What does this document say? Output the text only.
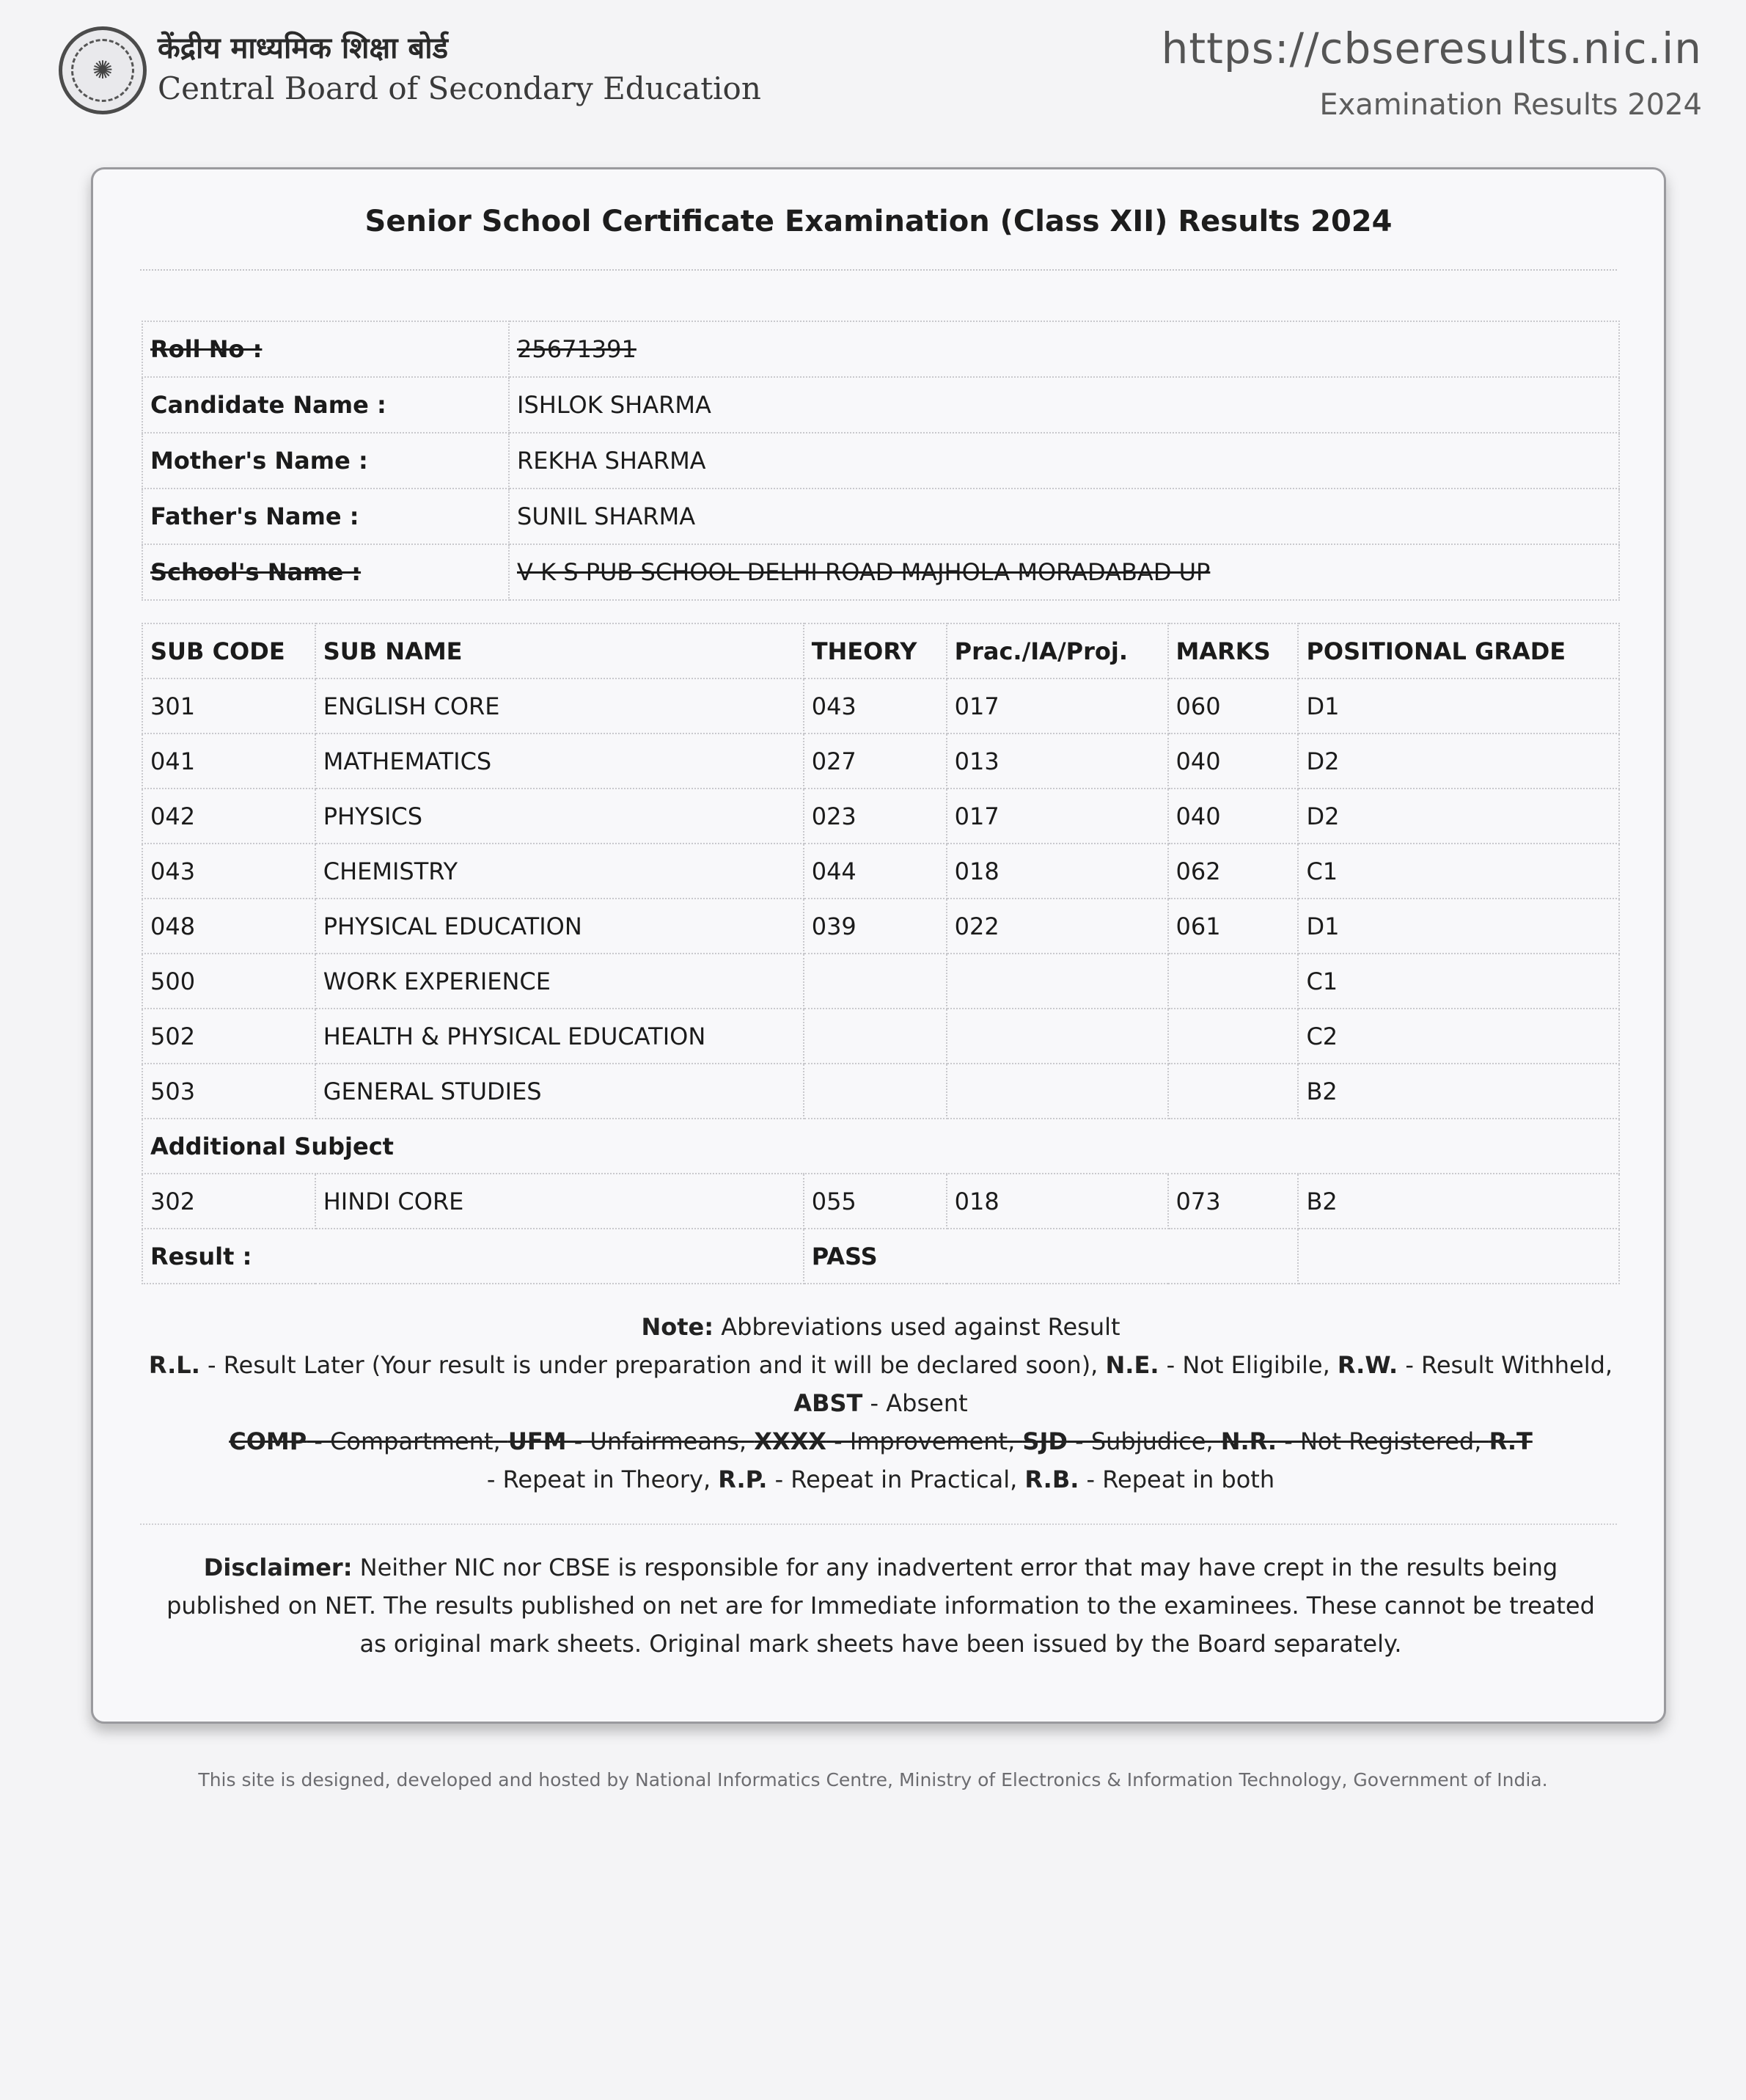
✺
केंद्रीय माध्यमिक शिक्षा बोर्ड
Central Board of Secondary Education
https://cbseresults.nic.in
Examination Results 2024
Senior School Certificate Examination (Class XII) Results 2024
Roll No :	25671391
Candidate Name :	ISHLOK SHARMA
Mother's Name :	REKHA SHARMA
Father's Name :	SUNIL SHARMA
School's Name :	V K S PUB SCHOOL DELHI ROAD MAJHOLA MORADABAD UP
SUB CODE	SUB NAME	THEORY	Prac./IA/Proj.	MARKS	POSITIONAL GRADE
301	ENGLISH CORE	043	017	060	D1
041	MATHEMATICS	027	013	040	D2
042	PHYSICS	023	017	040	D2
043	CHEMISTRY	044	018	062	C1
048	PHYSICAL EDUCATION	039	022	061	D1
500	WORK EXPERIENCE				C1
502	HEALTH & PHYSICAL EDUCATION				C2
503	GENERAL STUDIES				B2
Additional Subject					
302	HINDI CORE	055	018	073	B2
Result :		PASS			
Note: Abbreviations used against Result
R.L. - Result Later (Your result is under preparation and it will be declared soon), N.E. - Not Eligibile, R.W. - Result Withheld,
ABST - Absent
COMP - Compartment, UFM - Unfairmeans, XXXX - Improvement, SJD - Subjudice, N.R. - Not Registered, R.T
- Repeat in Theory, R.P. - Repeat in Practical, R.B. - Repeat in both
Disclaimer: Neither NIC nor CBSE is responsible for any inadvertent error that may have crept in the results being published on NET. The results published on net are for Immediate information to the examinees. These cannot be treated as original mark sheets. Original mark sheets have been issued by the Board separately.
This site is designed, developed and hosted by National Informatics Centre, Ministry of Electronics & Information Technology, Government of India.
